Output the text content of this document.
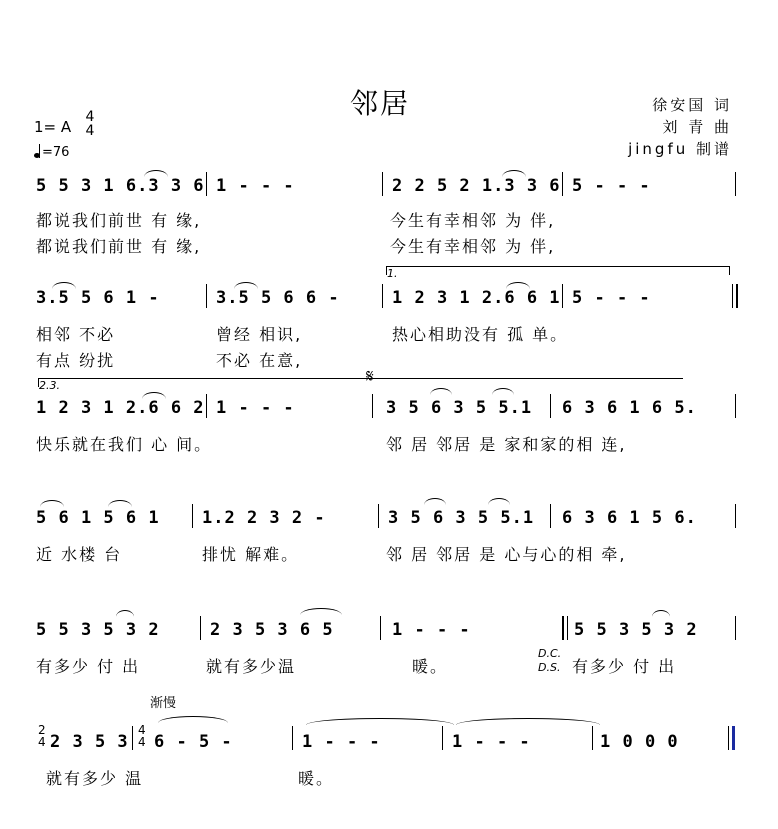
邻居	徐安国 词
刘 青 曲
jingfu 制谱
1= A
4
4
=76
5 5 3 1 6.3 3 6 1 - - -	2 2 5 2 1.3 3 6 5 - - -
都说我们前世 有 缘,	今生有幸相邻 为 伴,
都说我们前世 有 缘,	今生有幸相邻 为 伴,
1.
3.5 5 6 1 -	3.5 5 6 6 -	1 2 3 1 2.6 6 1 5 - - -
相邻 不必	曾经 相识,	热心相助没有 孤 单。
有点 纷扰	不必 在意,
2.3.	𝄋
1 2 3 1 2.6 6 2 1 - - -	3 5 6 3 5 5.1 6 3 6 1 6 5.
快乐就在我们 心 间。	邻 居 邻居 是 家和家的相 连,
5 6 1 5 6 1 1.2 2 3 2 -	3 5 6 3 5 5.1 6 3 6 1 5 6.
近 水楼 台	排忧 解难。	邻 居 邻居 是 心与心的相 牵,
5 5 3 5 3 2	2 3 5 3 6 5	1 - - -	5 5 3 5 3 2
有多少 付 出	就有多少温	暖。
D.C.
D.S. 有多少 付 出
渐慢
2
4 2 3 5 3
4
4 6 - 5 -	1 - - -	1 - - -	1 0 0 0
就有多少 温	暖。
